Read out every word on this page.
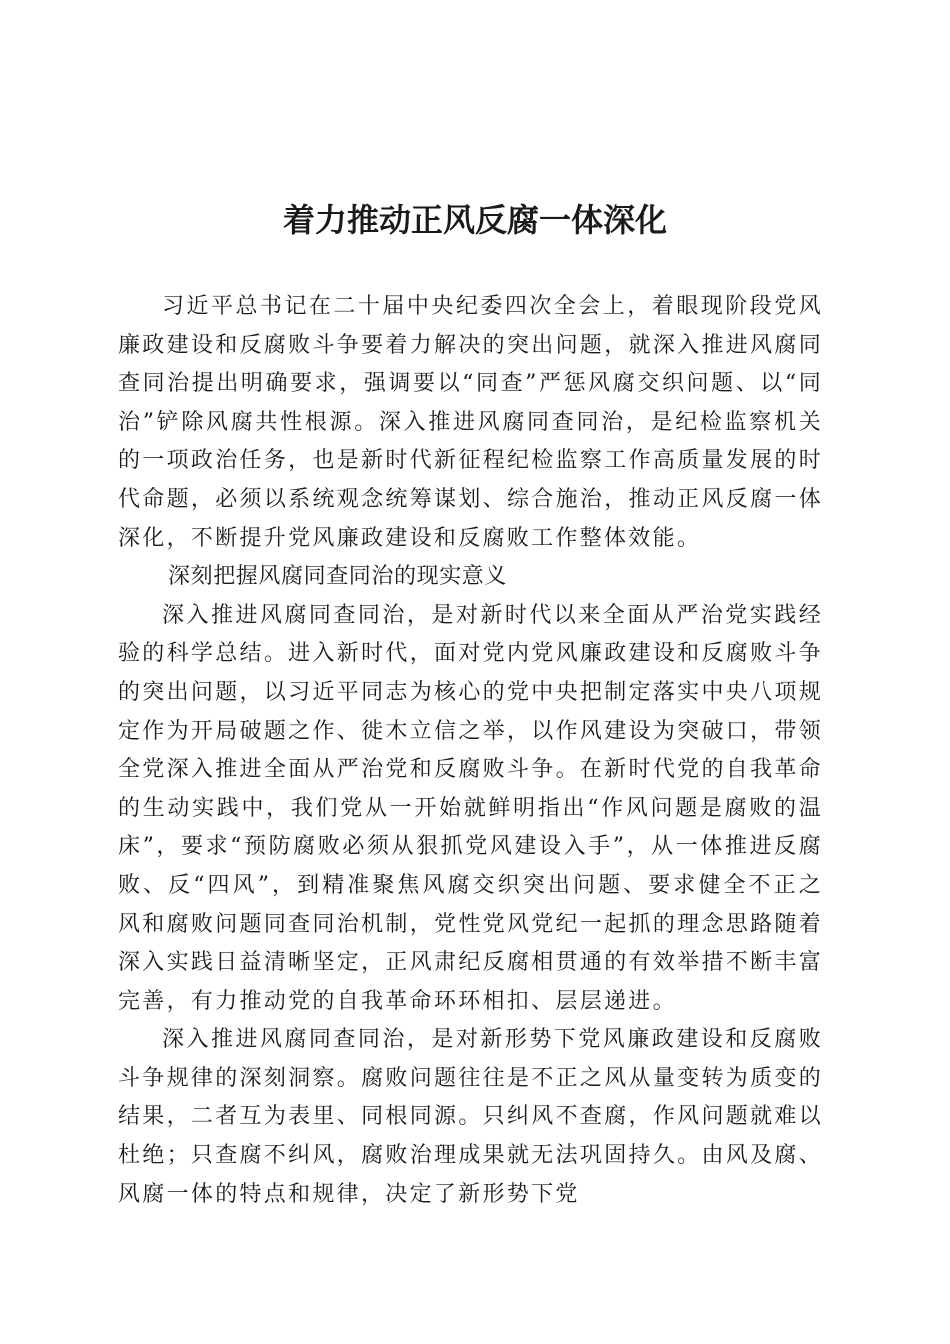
着力推动正风反腐一体深化

习近平总书记在二十届中央纪委四次全会上，着眼现阶段党风廉政建设和反腐败斗争要着力解决的突出问题，就深入推进风腐同查同治提出明确要求，强调要以“同查”严惩风腐交织问题、以“同治”铲除风腐共性根源。深入推进风腐同查同治，是纪检监察机关的一项政治任务，也是新时代新征程纪检监察工作高质量发展的时代命题，必须以系统观念统筹谋划、综合施治，推动正风反腐一体深化，不断提升党风廉政建设和反腐败工作整体效能。

深刻把握风腐同查同治的现实意义

深入推进风腐同查同治，是对新时代以来全面从严治党实践经验的科学总结。进入新时代，面对党内党风廉政建设和反腐败斗争的突出问题，以习近平同志为核心的党中央把制定落实中央八项规定作为开局破题之作、徙木立信之举，以作风建设为突破口，带领全党深入推进全面从严治党和反腐败斗争。在新时代党的自我革命的生动实践中，我们党从一开始就鲜明指出“作风问题是腐败的温床”，要求“预防腐败必须从狠抓党风建设入手”，从一体推进反腐败、反“四风”，到精准聚焦风腐交织突出问题、要求健全不正之风和腐败问题同查同治机制，党性党风党纪一起抓的理念思路随着深入实践日益清晰坚定，正风肃纪反腐相贯通的有效举措不断丰富完善，有力推动党的自我革命环环相扣、层层递进。

深入推进风腐同查同治，是对新形势下党风廉政建设和反腐败斗争规律的深刻洞察。腐败问题往往是不正之风从量变转为质变的结果，二者互为表里、同根同源。只纠风不查腐，作风问题就难以杜绝；只查腐不纠风，腐败治理成果就无法巩固持久。由风及腐、风腐一体的特点和规律，决定了新形势下党
